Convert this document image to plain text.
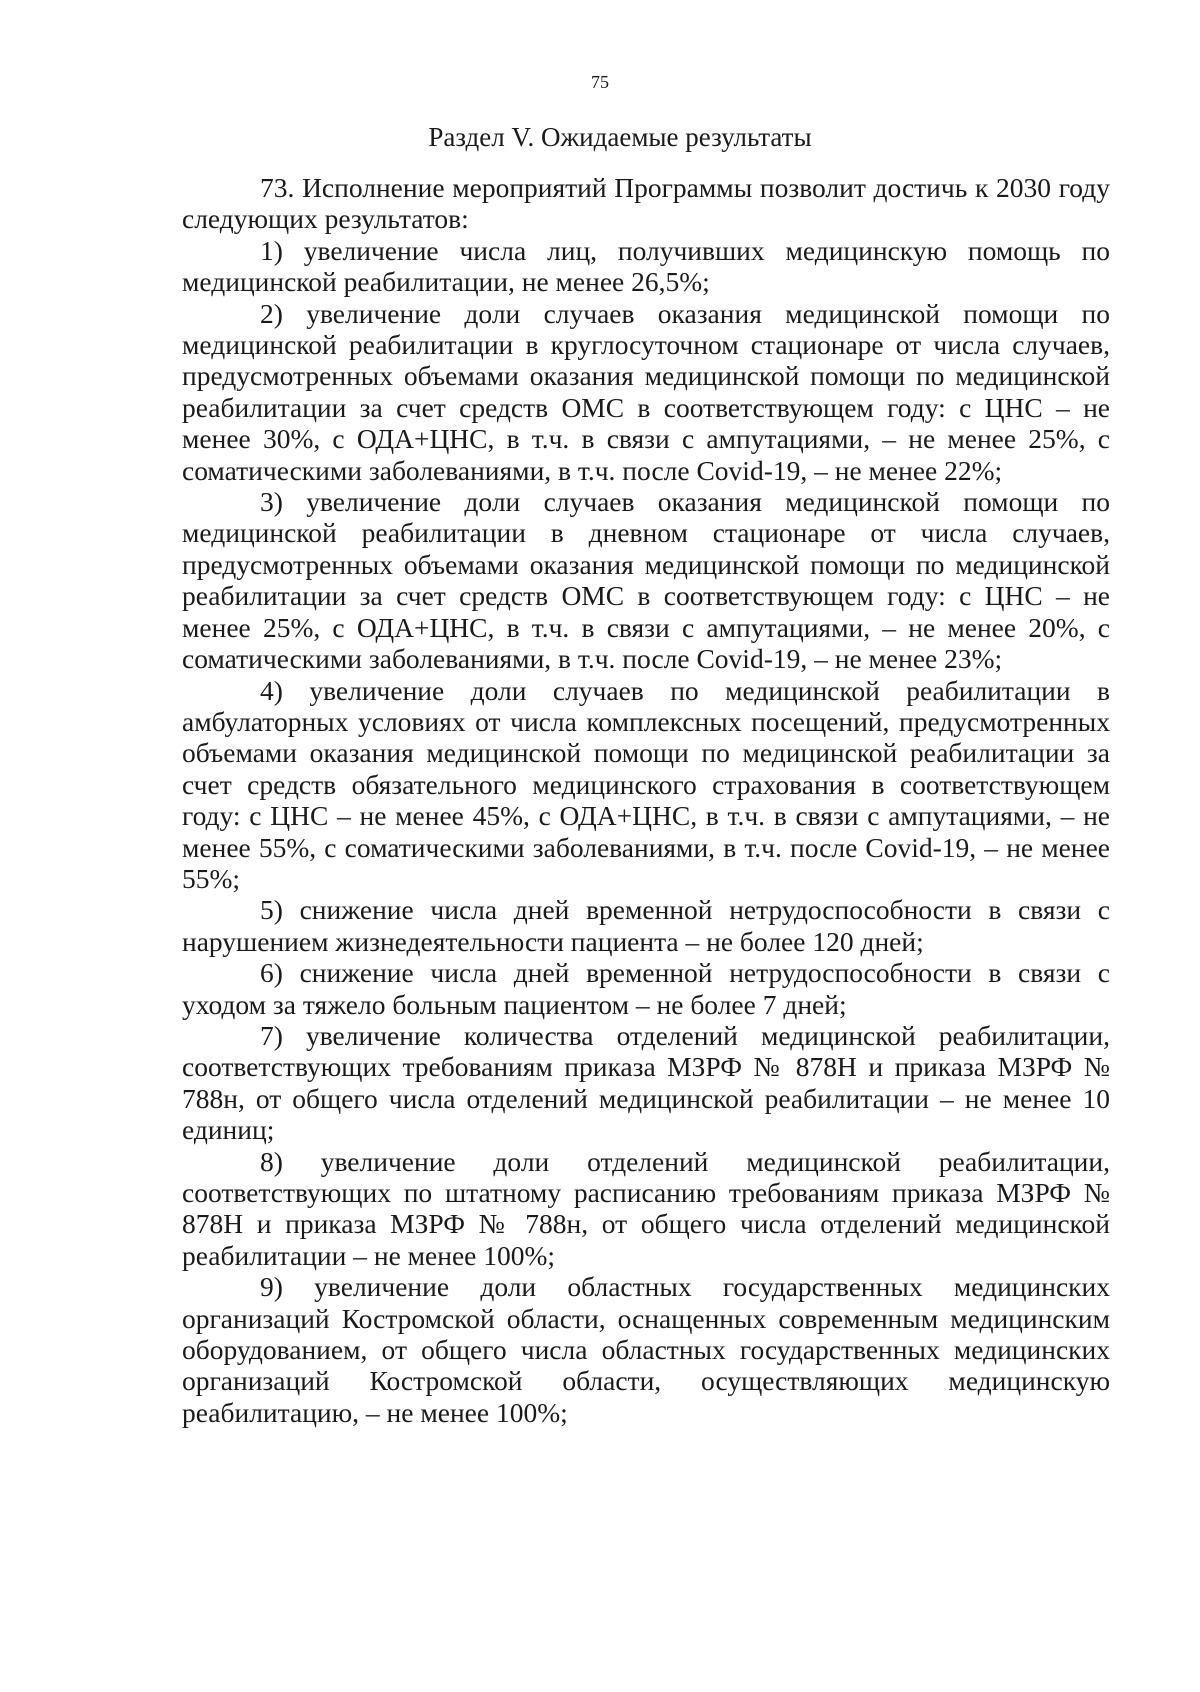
75
Раздел V. Ожидаемые результаты

73. Исполнение мероприятий Программы позволит достичь к 2030 году следующих результатов:

1) увеличение числа лиц, получивших медицинскую помощь по медицинской реабилитации, не менее 26,5%;

2) увеличение доли случаев оказания медицинской помощи по медицинской реабилитации в круглосуточном стационаре от числа случаев, предусмотренных объемами оказания медицинской помощи по медицинской реабилитации за счет средств ОМС в соответствующем году: с ЦНС – не менее 30%, с ОДА+ЦНС, в т.ч. в связи с ампутациями, – не менее 25%, с соматическими заболеваниями, в т.ч. после Covid-19, – не менее 22%;

3) увеличение доли случаев оказания медицинской помощи по медицинской реабилитации в дневном стационаре от числа случаев, предусмотренных объемами оказания медицинской помощи по медицинской реабилитации за счет средств ОМС в соответствующем году: с ЦНС – не менее 25%, с ОДА+ЦНС, в т.ч. в связи с ампутациями, – не менее 20%, с соматическими заболеваниями, в т.ч. после Covid-19, – не менее 23%;

4) увеличение доли случаев по медицинской реабилитации в амбулаторных условиях от числа комплексных посещений, предусмотренных объемами оказания медицинской помощи по медицинской реабилитации за счет средств обязательного медицинского страхования в соответствующем году: с ЦНС – не менее 45%, с ОДА+ЦНС, в т.ч. в связи с ампутациями, – не менее 55%, с соматическими заболеваниями, в т.ч. после Covid-19, – не менее 55%;

5) снижение числа дней временной нетрудоспособности в связи с нарушением жизнедеятельности пациента – не более 120 дней;

6) снижение числа дней временной нетрудоспособности в связи с уходом за тяжело больным пациентом – не более 7 дней;

7) увеличение количества отделений медицинской реабилитации, соответствующих требованиям приказа МЗРФ № 878Н и приказа МЗРФ № 788н, от общего числа отделений медицинской реабилитации – не менее 10 единиц;

8) увеличение доли отделений медицинской реабилитации, соответствующих по штатному расписанию требованиям приказа МЗРФ № 878Н и приказа МЗРФ № 788н, от общего числа отделений медицинской реабилитации – не менее 100%;

9) увеличение доли областных государственных медицинских организаций Костромской области, оснащенных современным медицинским оборудованием, от общего числа областных государственных медицинских организаций Костромской области, осуществляющих медицинскую реабилитацию, – не менее 100%;
